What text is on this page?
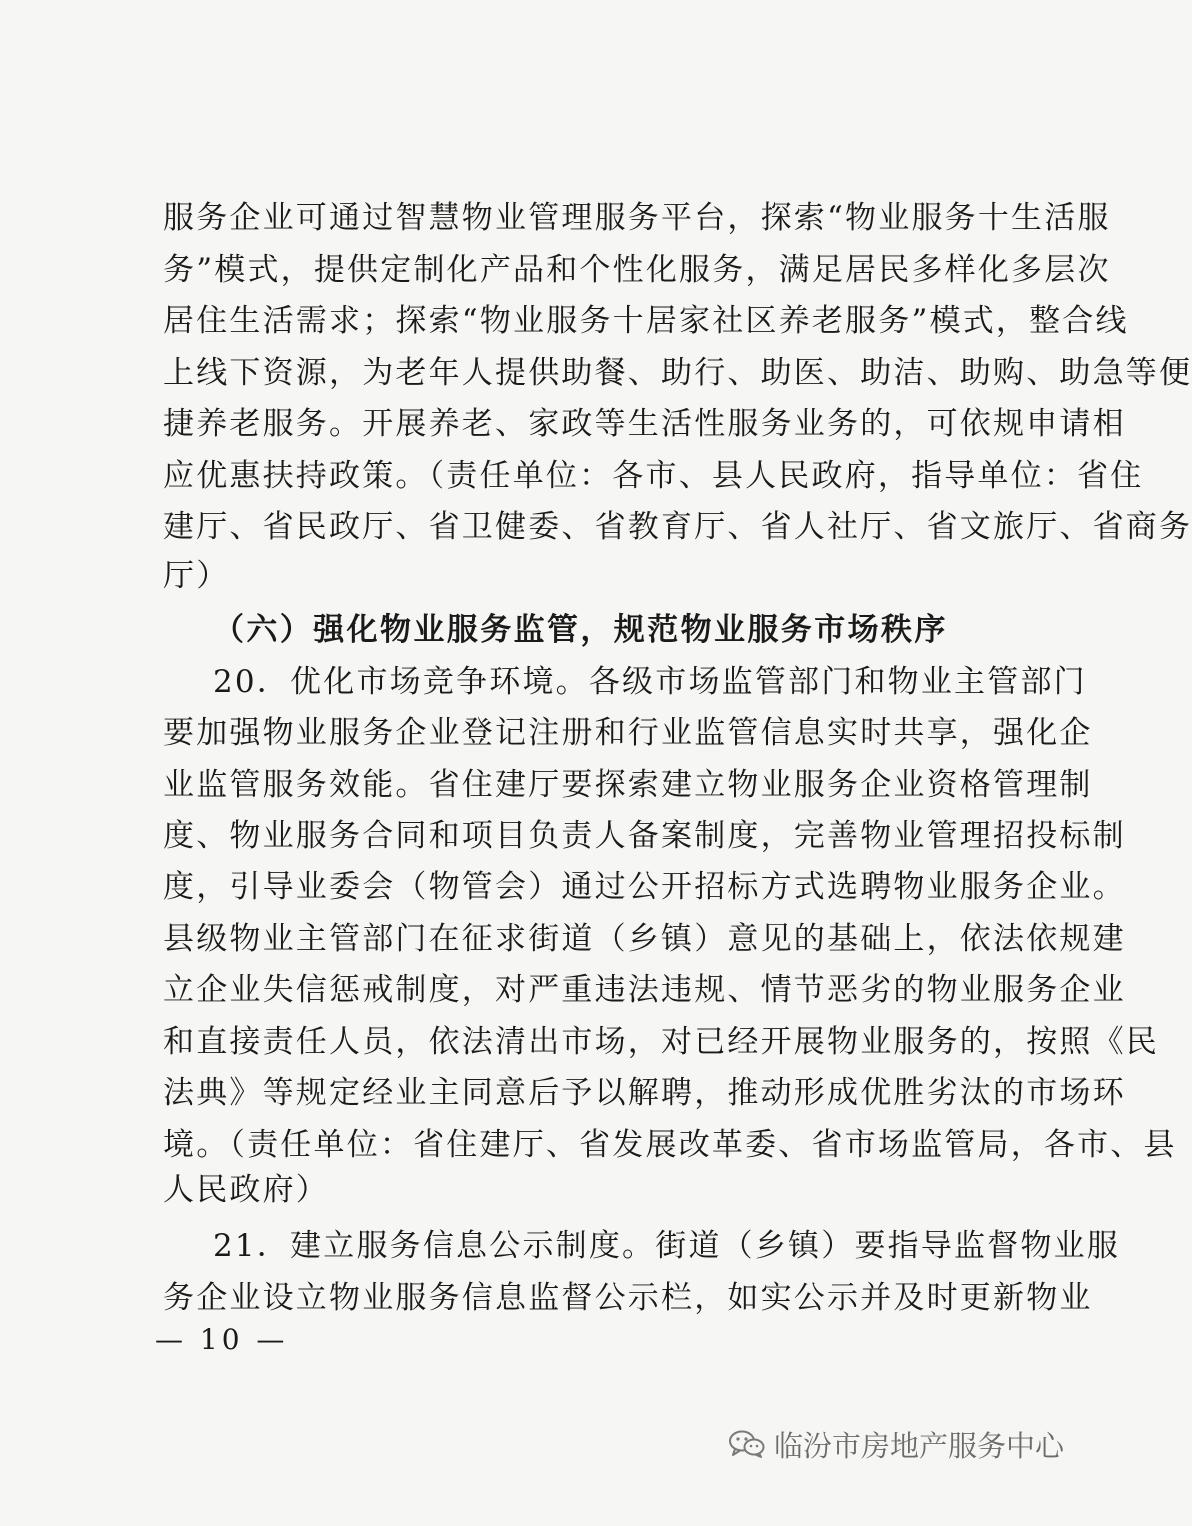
服务企业可通过智慧物业管理服务平台，探索“物业服务十生活服
务”模式，提供定制化产品和个性化服务，满足居民多样化多层次
居住生活需求；探索“物业服务十居家社区养老服务”模式，整合线
上线下资源，为老年人提供助餐、助行、助医、助洁、助购、助急等便
捷养老服务。开展养老、家政等生活性服务业务的，可依规申请相
应优惠扶持政策。（责任单位：各市、县人民政府，指导单位：省住
建厅、省民政厅、省卫健委、省教育厅、省人社厅、省文旅厅、省商务
厅）
（六）强化物业服务监管，规范物业服务市场秩序
20．优化市场竞争环境。各级市场监管部门和物业主管部门
要加强物业服务企业登记注册和行业监管信息实时共享，强化企
业监管服务效能。省住建厅要探索建立物业服务企业资格管理制
度、物业服务合同和项目负责人备案制度，完善物业管理招投标制
度，引导业委会（物管会）通过公开招标方式选聘物业服务企业。
县级物业主管部门在征求街道（乡镇）意见的基础上，依法依规建
立企业失信惩戒制度，对严重违法违规、情节恶劣的物业服务企业
和直接责任人员，依法清出市场，对已经开展物业服务的，按照《民
法典》等规定经业主同意后予以解聘，推动形成优胜劣汰的市场环
境。（责任单位：省住建厅、省发展改革委、省市场监管局，各市、县
人民政府）
21．建立服务信息公示制度。街道（乡镇）要指导监督物业服
务企业设立物业服务信息监督公示栏，如实公示并及时更新物业
— 10 —
临汾市房地产服务中心
